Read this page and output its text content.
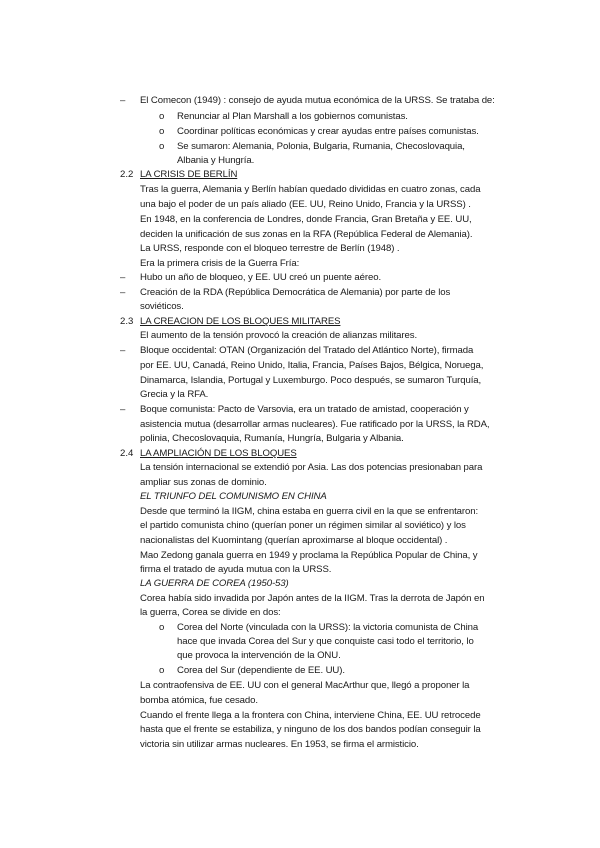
– El Comecon (1949) : consejo de ayuda mutua económica de la URSS. Se trataba de:
o Renunciar al Plan Marshall a los gobiernos comunistas.
o Coordinar políticas económicas y crear ayudas entre países comunistas.
o Se sumaron: Alemania, Polonia, Bulgaria, Rumania, Checoslovaquia,
Albania y Hungría.
2.2 LA CRISIS DE BERLÍN
Tras la guerra, Alemania y Berlín habían quedado divididas en cuatro zonas, cada
una bajo el poder de un país aliado (EE. UU, Reino Unido, Francia y la URSS) .
En 1948, en la conferencia de Londres, donde Francia, Gran Bretaña y EE. UU,
deciden la unificación de sus zonas en la RFA (República Federal de Alemania).
La URSS, responde con el bloqueo terrestre de Berlín (1948) .
Era la primera crisis de la Guerra Fría:
– Hubo un año de bloqueo, y EE. UU creó un puente aéreo.
– Creación de la RDA (República Democrática de Alemania) por parte de los
soviéticos.
2.3 LA CREACION DE LOS BLOQUES MILITARES
El aumento de la tensión provocó la creación de alianzas militares.
– Bloque occidental: OTAN (Organización del Tratado del Atlántico Norte), firmada
por EE. UU, Canadá, Reino Unido, Italia, Francia, Países Bajos, Bélgica, Noruega,
Dinamarca, Islandia, Portugal y Luxemburgo. Poco después, se sumaron Turquía,
Grecia y la RFA.
– Boque comunista: Pacto de Varsovia, era un tratado de amistad, cooperación y
asistencia mutua (desarrollar armas nucleares). Fue ratificado por la URSS, la RDA,
polinia, Checoslovaquia, Rumanía, Hungría, Bulgaria y Albania.
2.4 LA AMPLIACIÓN DE LOS BLOQUES
La tensión internacional se extendió por Asia. Las dos potencias presionaban para
ampliar sus zonas de dominio.
EL TRIUNFO DEL COMUNISMO EN CHINA
Desde que terminó la IIGM, china estaba en guerra civil en la que se enfrentaron:
el partido comunista chino (querían poner un régimen similar al soviético) y los
nacionalistas del Kuomintang (querían aproximarse al bloque occidental) .
Mao Zedong ganala guerra en 1949 y proclama la República Popular de China, y
firma el tratado de ayuda mutua con la URSS.
LA GUERRA DE COREA (1950-53)
Corea había sido invadida por Japón antes de la IIGM. Tras la derrota de Japón en
la guerra, Corea se divide en dos:
o Corea del Norte (vinculada con la URSS): la victoria comunista de China
hace que invada Corea del Sur y que conquiste casi todo el territorio, lo
que provoca la intervención de la ONU.
o Corea del Sur (dependiente de EE. UU).
La contraofensiva de EE. UU con el general MacArthur que, llegó a proponer la
bomba atómica, fue cesado.
Cuando el frente llega a la frontera con China, interviene China, EE. UU retrocede
hasta que el frente se estabiliza, y ninguno de los dos bandos podían conseguir la
victoria sin utilizar armas nucleares. En 1953, se firma el armisticio.
